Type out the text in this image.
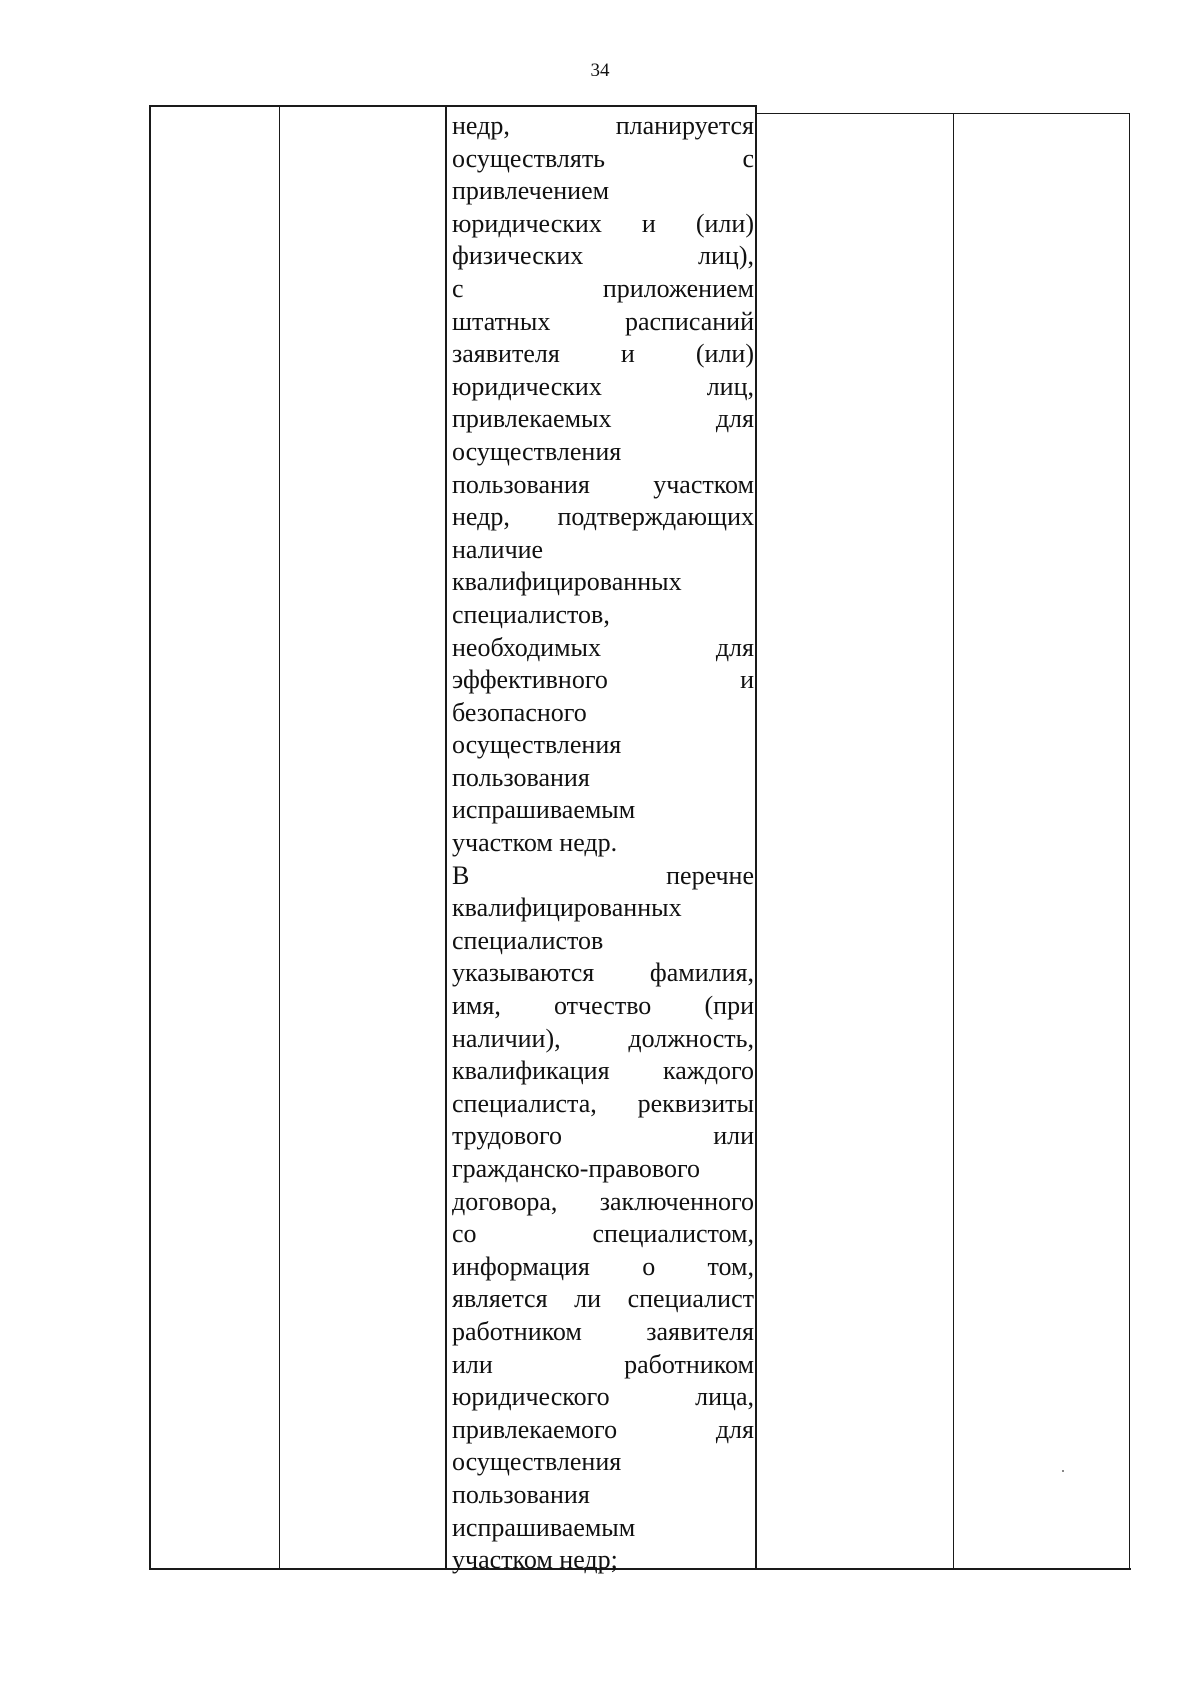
34
недр,	планируется
осуществлять	с
привлечением
юридических и (или)
физических	лиц),
с	приложением
штатных	расписаний
заявителя и (или)
юридических	лиц,
привлекаемых	для
осуществления
пользования участком
недр, подтверждающих
наличие
квалифицированных
специалистов,
необходимых	для
эффективного	и
безопасного
осуществления
пользования
испрашиваемым
участком недр.
В	перечне
квалифицированных
специалистов
указываются фамилия,
имя, отчество (при
наличии),	должность,
квалификация каждого
специалиста, реквизиты
трудового	или
гражданско-правового
договора, заключенного
со	специалистом,
информация о том,
является ли специалист
работником заявителя
или	работником
юридического	лица,
привлекаемого	для
осуществления
пользования
испрашиваемым
участком недр;
